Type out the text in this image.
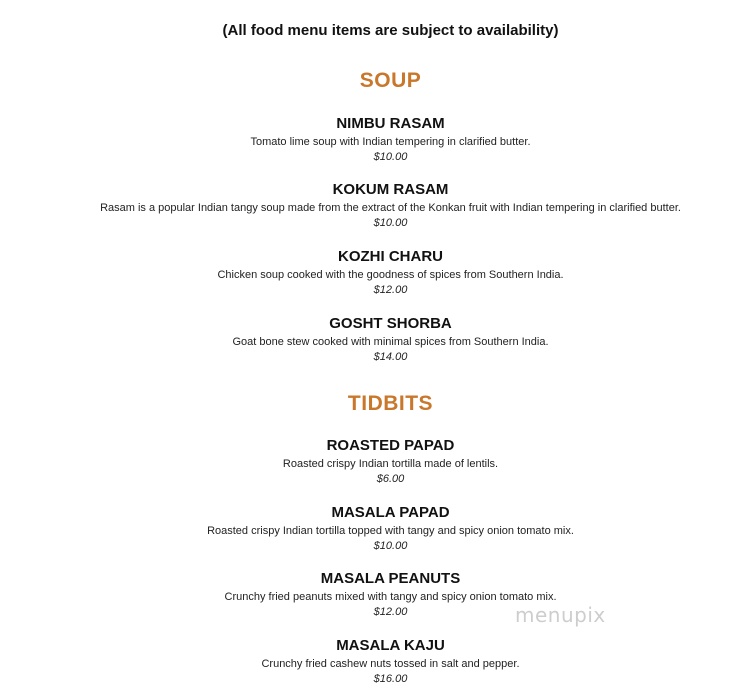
(All food menu items are subject to availability)
SOUP
NIMBU RASAM
Tomato lime soup with Indian tempering in clarified butter.
$10.00
KOKUM RASAM
Rasam is a popular Indian tangy soup made from the extract of the Konkan fruit with Indian tempering in clarified butter.
$10.00
KOZHI CHARU
Chicken soup cooked with the goodness of spices from Southern India.
$12.00
GOSHT SHORBA
Goat bone stew cooked with minimal spices from Southern India.
$14.00
TIDBITS
ROASTED PAPAD
Roasted crispy Indian tortilla made of lentils.
$6.00
MASALA PAPAD
Roasted crispy Indian tortilla topped with tangy and spicy onion tomato mix.
$10.00
MASALA PEANUTS
Crunchy fried peanuts mixed with tangy and spicy onion tomato mix.
$12.00
MASALA KAJU
Crunchy fried cashew nuts tossed in salt and pepper.
$16.00
menupix
